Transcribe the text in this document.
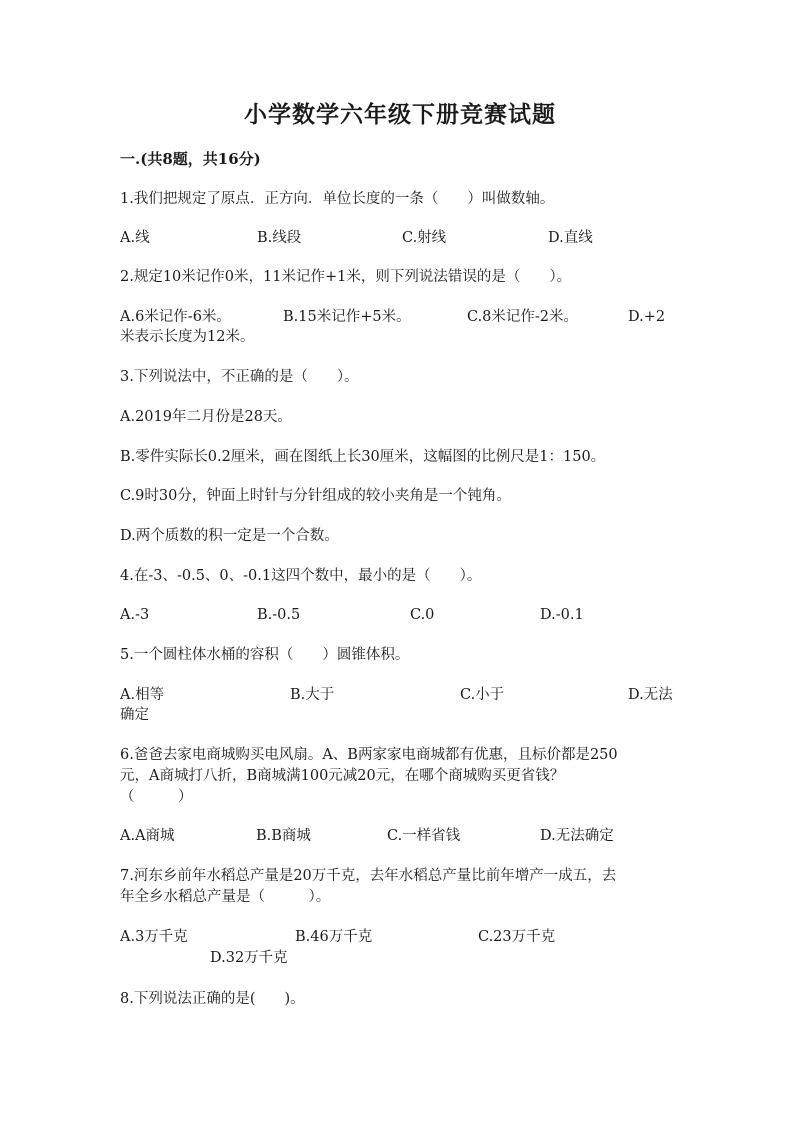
小学数学六年级下册竞赛试题
一.(共8题，共16分)
1.我们把规定了原点．正方向．单位长度的一条（　　）叫做数轴。
A.线	B.线段	C.射线	D.直线
2.规定10米记作0米，11米记作+1米，则下列说法错误的是（　　）。
A.6米记作-6米。	B.15米记作+5米。	C.8米记作-2米。	D.+2
米表示长度为12米。
3.下列说法中，不正确的是（　　）。
A.2019年二月份是28天。
B.零件实际长0.2厘米，画在图纸上长30厘米，这幅图的比例尺是1：150。
C.9时30分，钟面上时针与分针组成的较小夹角是一个钝角。
D.两个质数的积一定是一个合数。
4.在-3、-0.5、0、-0.1这四个数中，最小的是（　　）。
A.-3	B.-0.5	C.0	D.-0.1
5.一个圆柱体水桶的容积（　　）圆锥体积。
A.相等	B.大于	C.小于	D.无法
确定
6.爸爸去家电商城购买电风扇。A、B两家家电商城都有优惠，且标价都是250
元，A商城打八折，B商城满100元减20元，在哪个商城购买更省钱？
（　　　）
A.A商城	B.B商城	C.一样省钱	D.无法确定
7.河东乡前年水稻总产量是20万千克，去年水稻总产量比前年增产一成五，去
年全乡水稻总产量是（　　　）。
A.3万千克	B.46万千克	C.23万千克
D.32万千克
8.下列说法正确的是(　　)。
